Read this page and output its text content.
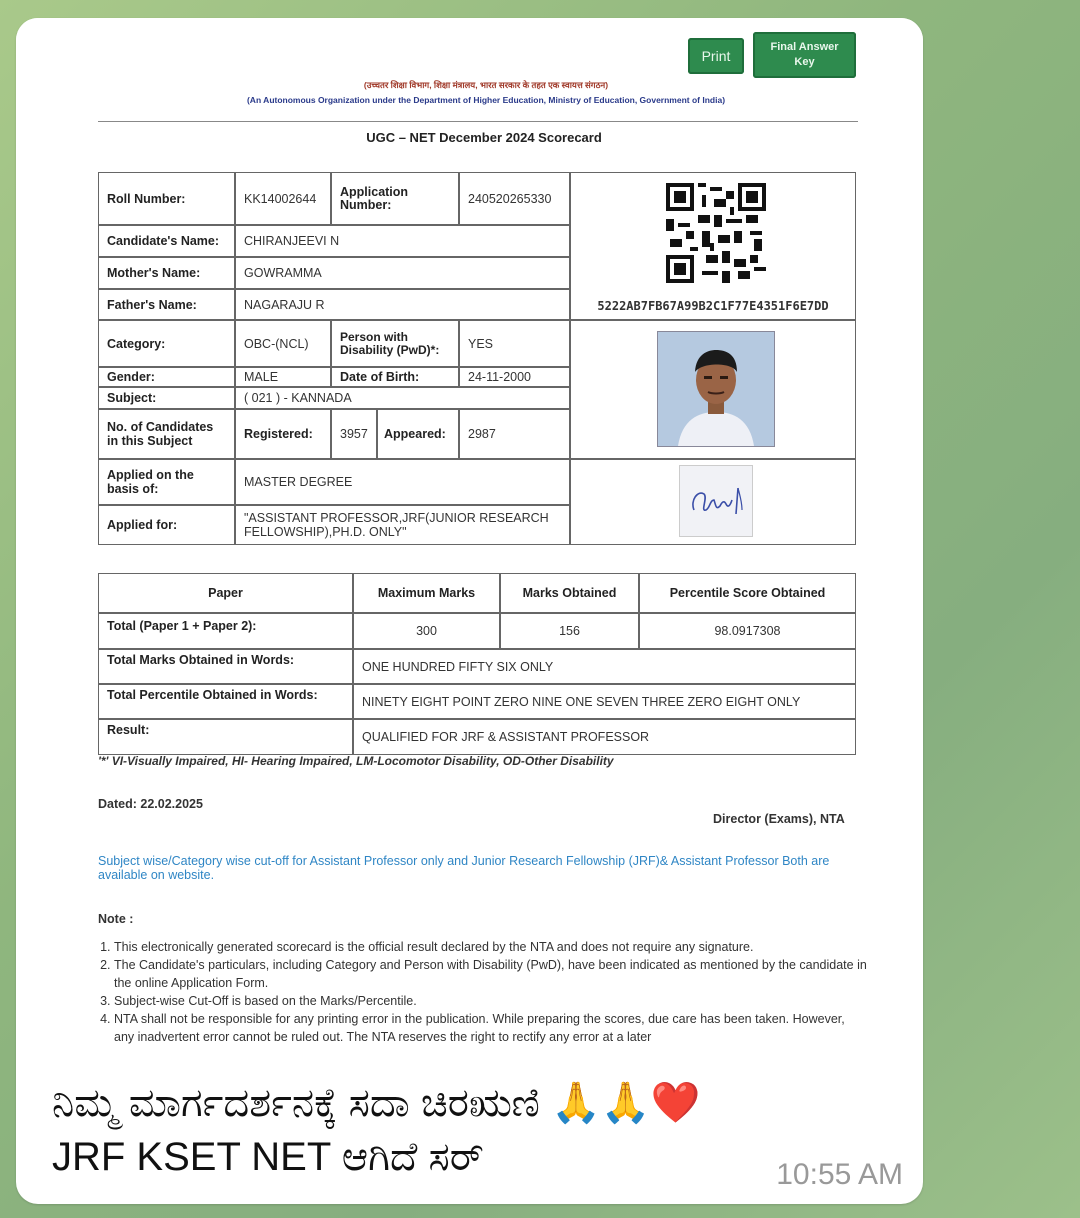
Print
Final Answer Key
(उच्चतर शिक्षा विभाग, शिक्षा मंत्रालय, भारत सरकार के तहत एक स्वायत्त संगठन)
(An Autonomous Organization under the Department of Higher Education, Ministry of Education, Government of India)
UGC – NET December 2024 Scorecard
Roll Number:	KK14002644	Application Number:	240520265330
5222AB7FB67A99B2C1F77E4351F6E7DD
Candidate's Name:	CHIRANJEEVI N
Mother's Name:	GOWRAMMA
Father's Name:	NAGARAJU R
Category:	OBC-(NCL)	Person with Disability (PwD)*:	YES
Gender:	MALE	Date of Birth:	24-11-2000
Subject:	( 021 ) - KANNADA
No. of Candidates in this Subject	Registered:	3957	Appeared:	2987
Applied on the basis of:	MASTER DEGREE
Applied for:	"ASSISTANT PROFESSOR,JRF(JUNIOR RESEARCH FELLOWSHIP),PH.D. ONLY"
Paper	Maximum Marks	Marks Obtained	Percentile Score Obtained
Total (Paper 1 + Paper 2):	300	156	98.0917308
Total Marks Obtained in Words:	ONE HUNDRED FIFTY SIX ONLY
Total Percentile Obtained in Words:	NINETY EIGHT POINT ZERO NINE ONE SEVEN THREE ZERO EIGHT ONLY
Result:	QUALIFIED FOR JRF & ASSISTANT PROFESSOR
'*' VI-Visually Impaired, HI- Hearing Impaired, LM-Locomotor Disability, OD-Other Disability
Dated: 22.02.2025
Director (Exams), NTA
Subject wise/Category wise cut-off for Assistant Professor only and Junior Research Fellowship (JRF)& Assistant Professor Both are available on website.
Note :
1. This electronically generated scorecard is the official result declared by the NTA and does not require any signature.
2. The Candidate's particulars, including Category and Person with Disability (PwD), have been indicated as mentioned by the candidate in the online Application Form.
3. Subject-wise Cut-Off is based on the Marks/Percentile.
4. NTA shall not be responsible for any printing error in the publication. While preparing the scores, due care has been taken. However, any inadvertent error cannot be ruled out. The NTA reserves the right to rectify any error at a later
ನಿಮ್ಮ ಮಾರ್ಗದರ್ಶನಕ್ಕೆ ಸದಾ ಚಿರಋಣಿ 🙏🙏❤️
JRF KSET NET ಆಗಿದೆ ಸರ್	10:55 AM
